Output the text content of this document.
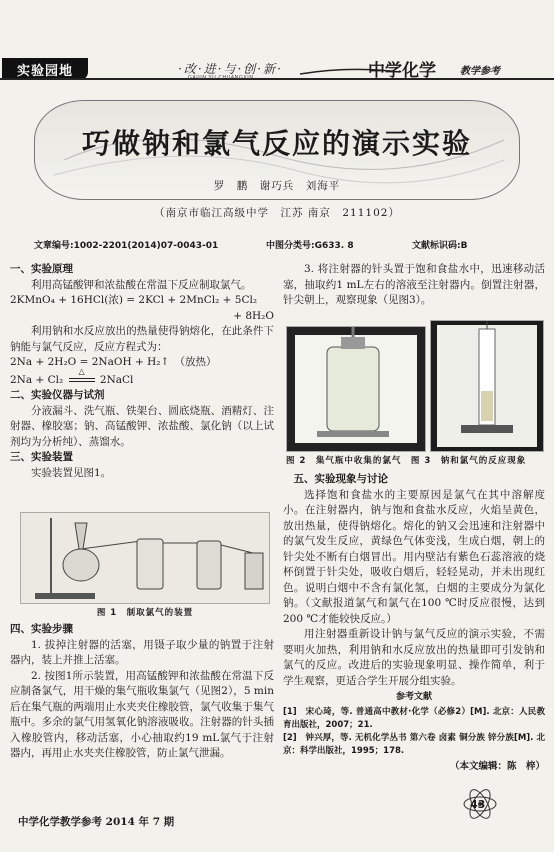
实验园地	·改·进·与·创·新·
GAIJIN YU CHUANGXIN	中学化学 教学参考
巧做钠和氯气反应的演示实验
罗　鹏　谢巧兵　刘海平
（南京市临江高级中学　江苏 南京　211102）
文章编号:1002-2201(2014)07-0043-01	中图分类号:G633. 8	文献标识码:B

一、实验原理

利用高锰酸钾和浓盐酸在常温下反应制取氯气。

2KMnO₄ + 16HCl(浓) = 2KCl + 2MnCl₂ + 5Cl₂

+ 8H₂O

利用钠和水反应放出的热量使得钠熔化，在此条件下钠能与氯气反应，反应方程式为：

2Na + 2H₂O = 2NaOH + H₂↑　（放热）

2Na + Cl₂
△
2NaCl

二、实验仪器与试剂

分液漏斗、洗气瓶、铁架台、圆底烧瓶、酒精灯、注射器、橡胶塞；钠、高锰酸钾、浓盐酸、氯化钠（以上试剂均为分析纯）、蒸馏水。

三、实验装置

实验装置见图1。

图 1　制取氯气的装置

四、实验步骤

1. 拔掉注射器的活塞，用镊子取少量的钠置于注射器内，装上并推上活塞。

2. 按图1所示装置，用高锰酸钾和浓盐酸在常温下反应制备氯气，用干燥的集气瓶收集氯气（见图2），5 min后在集气瓶的两端用止水夹夹住橡胶管，氯气收集于集气瓶中。多余的氯气用氢氧化钠溶液吸收。注射器的针头插入橡胶管内，移动活塞，小心抽取约19 mL氯气于注射器内，再用止水夹夹住橡胶管，防止氯气泄漏。

3. 将注射器的针头置于饱和食盐水中，迅速移动活塞，抽取约1 mL左右的溶液至注射器内。倒置注射器，针尖朝上，观察现象（见图3）。

图 2　集气瓶中收集的氯气　图 3　钠和氯气的反应现象

五、实验现象与讨论

选择饱和食盐水的主要原因是氯气在其中溶解度小。在注射器内，钠与饱和食盐水反应，火焰呈黄色，放出热量，使得钠熔化。熔化的钠又会迅速和注射器中的氯气发生反应，黄绿色气体变浅，生成白烟，朝上的针尖处不断有白烟冒出。用内壁沾有紫色石蕊溶液的烧杯倒置于针尖处，吸收白烟后，轻轻晃动，并未出现红色。说明白烟中不含有氯化氢，白烟的主要成分为氯化钠。（文献报道氯气和氯气在100 ℃时反应很慢，达到200 ℃才能较快反应。）

用注射器重新设计钠与氯气反应的演示实验，不需要明火加热，利用钠和水反应放出的热量即可引发钠和氯气的反应。改进后的实验现象明显、操作简单，利于学生观察，更适合学生开展分组实验。

参考文献

[1]　宋心琦，等. 普通高中教材·化学（必修2）[M]. 北京：人民教育出版社，2007；21.

[2]　钟兴厚，等. 无机化学丛书 第六卷 卤素 铜分族 锌分族[M]. 北京：科学出版社，1995；178.

（本文编辑：陈　梓）

43
中学化学教学参考 2014 年 7 期
